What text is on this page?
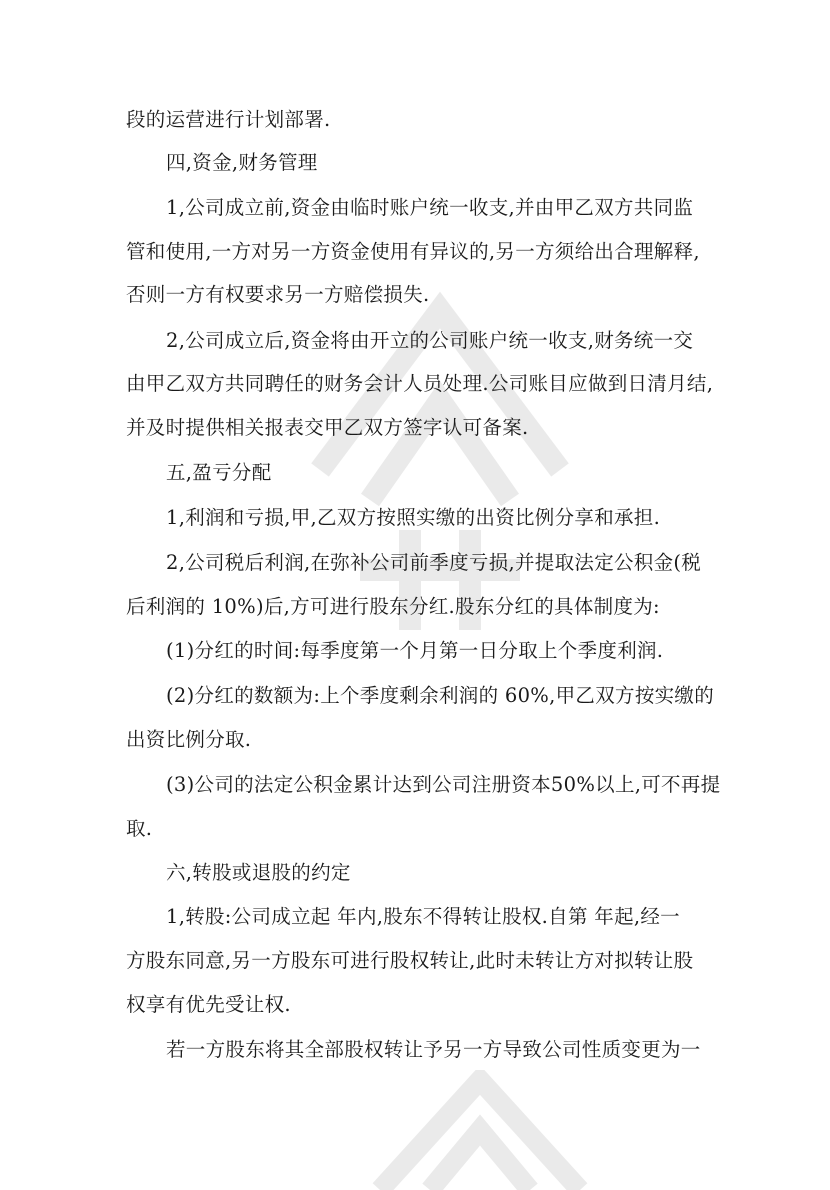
段的运营进行计划部署.
四,资金,财务管理
1,公司成立前,资金由临时账户统一收支,并由甲乙双方共同监
管和使用,一方对另一方资金使用有异议的,另一方须给出合理解释,
否则一方有权要求另一方赔偿损失.
2,公司成立后,资金将由开立的公司账户统一收支,财务统一交
由甲乙双方共同聘任的财务会计人员处理.公司账目应做到日清月结,
并及时提供相关报表交甲乙双方签字认可备案.
五,盈亏分配
1,利润和亏损,甲,乙双方按照实缴的出资比例分享和承担.
2,公司税后利润,在弥补公司前季度亏损,并提取法定公积金(税
后利润的 10%)后,方可进行股东分红.股东分红的具体制度为:
(1)分红的时间:每季度第一个月第一日分取上个季度利润.
(2)分红的数额为:上个季度剩余利润的 60%,甲乙双方按实缴的
出资比例分取.
(3)公司的法定公积金累计达到公司注册资本50%以上,可不再提
取.
六,转股或退股的约定
1,转股:公司成立起 年内,股东不得转让股权.自第 年起,经一
方股东同意,另一方股东可进行股权转让,此时未转让方对拟转让股
权享有优先受让权.
若一方股东将其全部股权转让予另一方导致公司性质变更为一
